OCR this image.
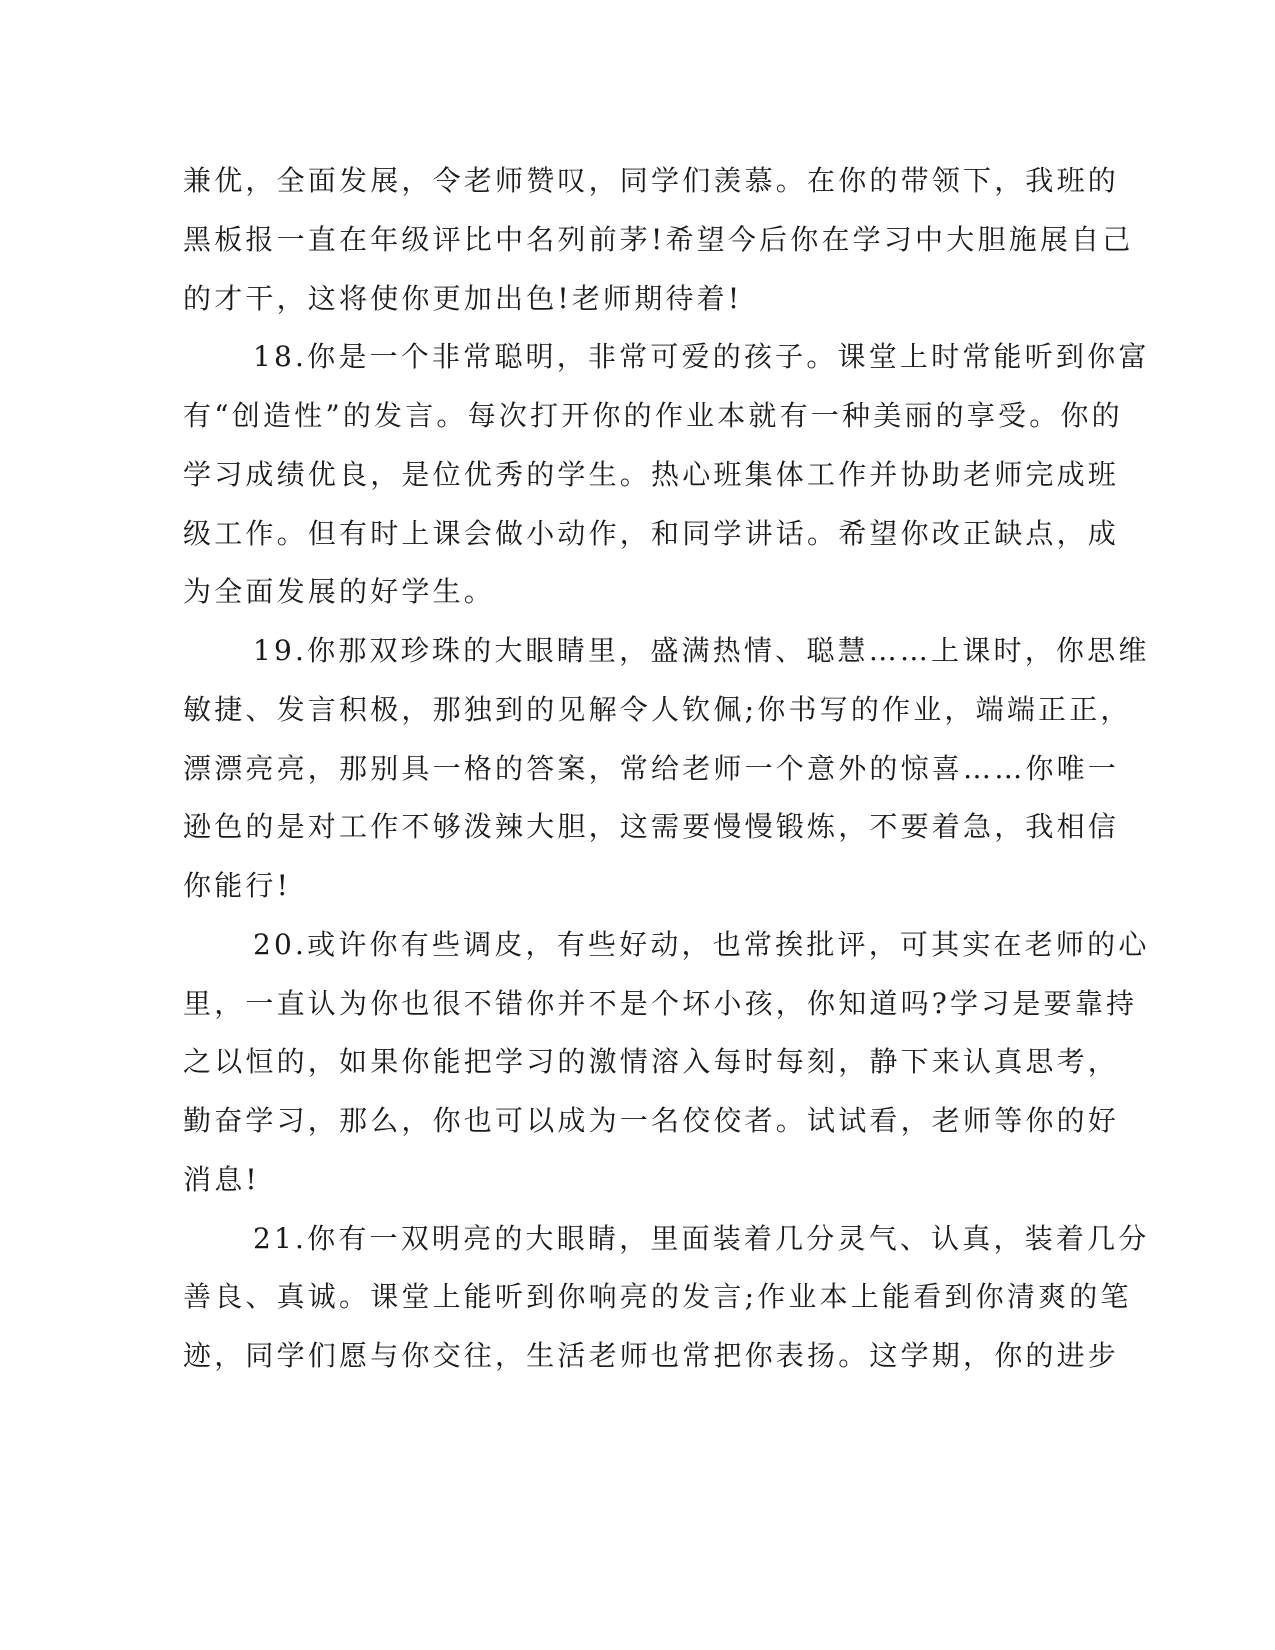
兼优，全面发展，令老师赞叹，同学们羡慕。在你的带领下，我班的
黑板报一直在年级评比中名列前茅!希望今后你在学习中大胆施展自己
的才干，这将使你更加出色!老师期待着!
18.你是一个非常聪明，非常可爱的孩子。课堂上时常能听到你富
有“创造性”的发言。每次打开你的作业本就有一种美丽的享受。你的
学习成绩优良，是位优秀的学生。热心班集体工作并协助老师完成班
级工作。但有时上课会做小动作，和同学讲话。希望你改正缺点，成
为全面发展的好学生。
19.你那双珍珠的大眼睛里，盛满热情、聪慧……上课时，你思维
敏捷、发言积极，那独到的见解令人钦佩;你书写的作业，端端正正，
漂漂亮亮，那别具一格的答案，常给老师一个意外的惊喜……你唯一
逊色的是对工作不够泼辣大胆，这需要慢慢锻炼，不要着急，我相信
你能行!
20.或许你有些调皮，有些好动，也常挨批评，可其实在老师的心
里，一直认为你也很不错你并不是个坏小孩，你知道吗?学习是要靠持
之以恒的，如果你能把学习的激情溶入每时每刻，静下来认真思考，
勤奋学习，那么，你也可以成为一名佼佼者。试试看，老师等你的好
消息!
21.你有一双明亮的大眼睛，里面装着几分灵气、认真，装着几分
善良、真诚。课堂上能听到你响亮的发言;作业本上能看到你清爽的笔
迹，同学们愿与你交往，生活老师也常把你表扬。这学期，你的进步
